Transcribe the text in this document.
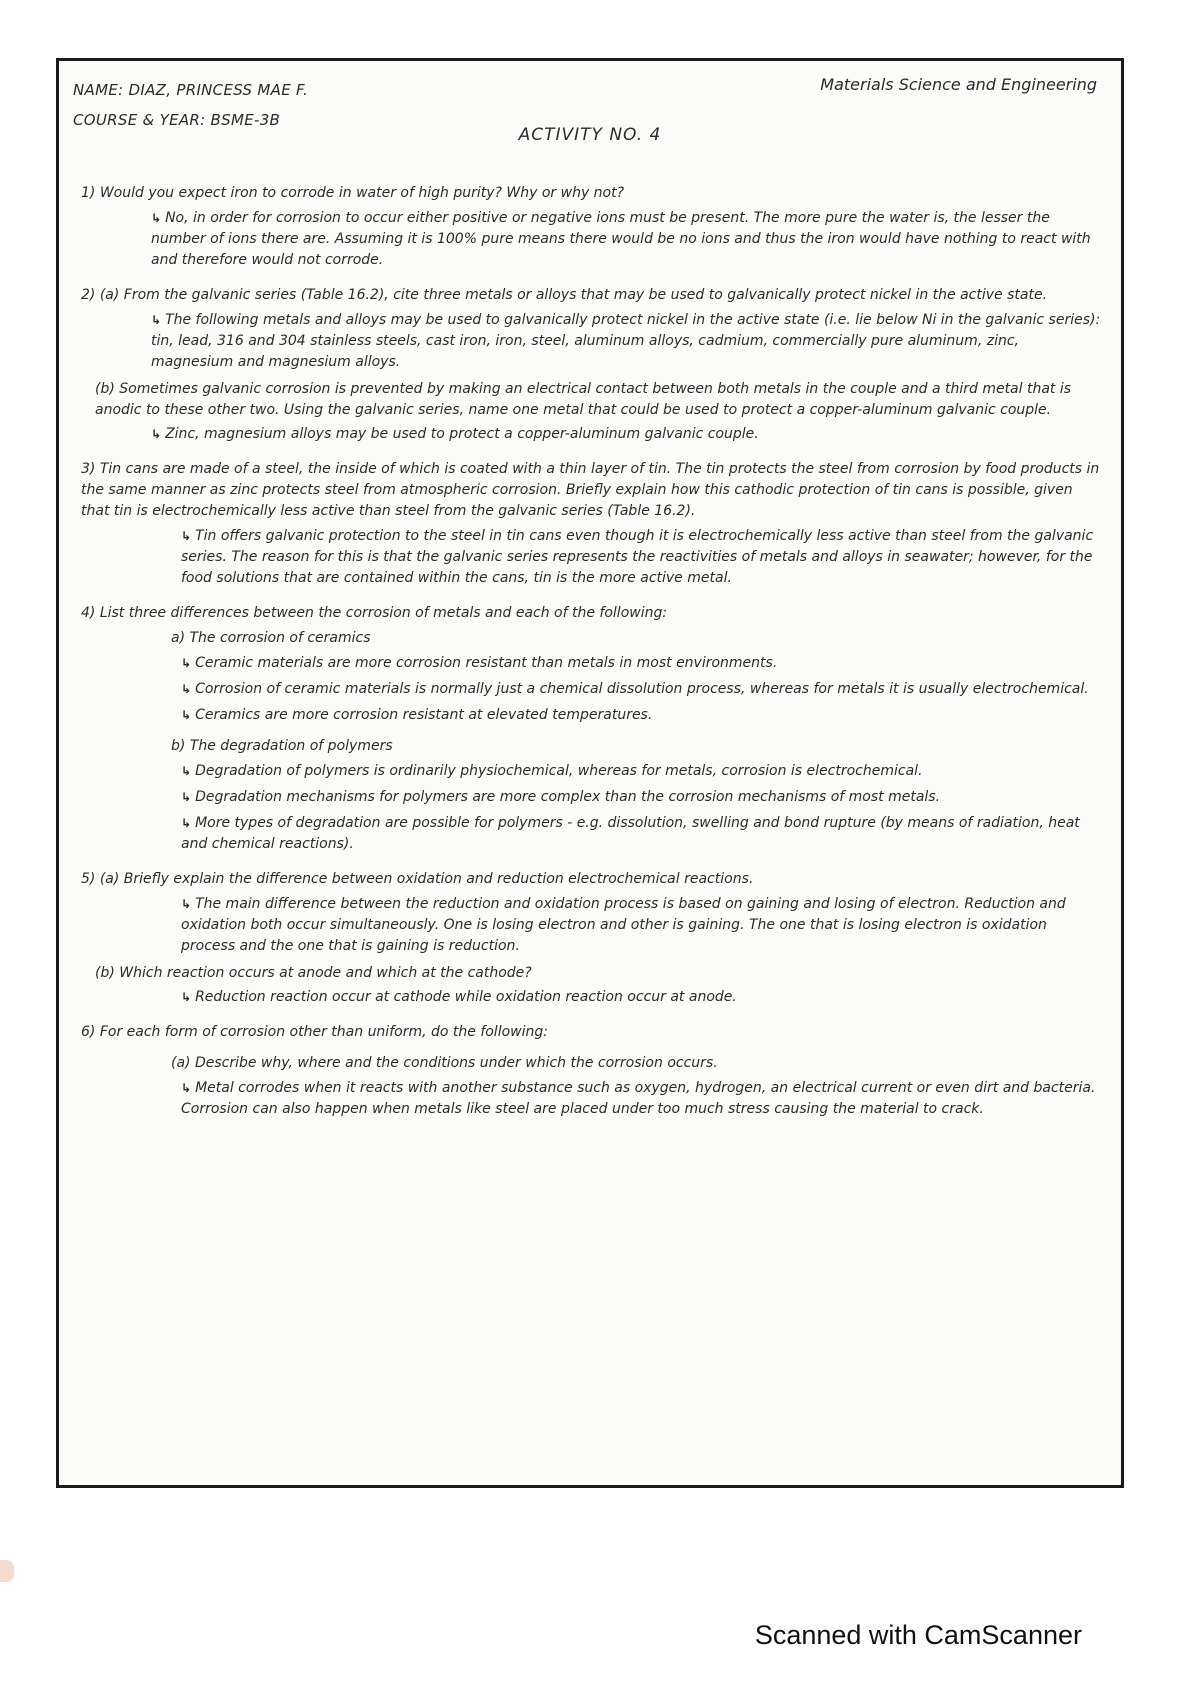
NAME: DIAZ, PRINCESS MAE F.
COURSE & YEAR: BSME-3B
Materials Science and Engineering
ACTIVITY NO. 4
1) Would you expect iron to corrode in water of high purity? Why or why not?
↳ No, in order for corrosion to occur either positive or negative ions must be present. The more pure the water is, the lesser the number of ions there are. Assuming it is 100% pure means there would be no ions and thus the iron would have nothing to react with and therefore would not corrode.
2) (a) From the galvanic series (Table 16.2), cite three metals or alloys that may be used to galvanically protect nickel in the active state.
↳ The following metals and alloys may be used to galvanically protect nickel in the active state (i.e. lie below Ni in the galvanic series): tin, lead, 316 and 304 stainless steels, cast iron, iron, steel, aluminum alloys, cadmium, commercially pure aluminum, zinc, magnesium and magnesium alloys.
(b) Sometimes galvanic corrosion is prevented by making an electrical contact between both metals in the couple and a third metal that is anodic to these other two. Using the galvanic series, name one metal that could be used to protect a copper-aluminum galvanic couple.
↳ Zinc, magnesium alloys may be used to protect a copper-aluminum galvanic couple.
3) Tin cans are made of a steel, the inside of which is coated with a thin layer of tin. The tin protects the steel from corrosion by food products in the same manner as zinc protects steel from atmospheric corrosion. Briefly explain how this cathodic protection of tin cans is possible, given that tin is electrochemically less active than steel from the galvanic series (Table 16.2).
↳ Tin offers galvanic protection to the steel in tin cans even though it is electrochemically less active than steel from the galvanic series. The reason for this is that the galvanic series represents the reactivities of metals and alloys in seawater; however, for the food solutions that are contained within the cans, tin is the more active metal.
4) List three differences between the corrosion of metals and each of the following:
a) The corrosion of ceramics
↳ Ceramic materials are more corrosion resistant than metals in most environments.
↳ Corrosion of ceramic materials is normally just a chemical dissolution process, whereas for metals it is usually electrochemical.
↳ Ceramics are more corrosion resistant at elevated temperatures.
b) The degradation of polymers
↳ Degradation of polymers is ordinarily physiochemical, whereas for metals, corrosion is electrochemical.
↳ Degradation mechanisms for polymers are more complex than the corrosion mechanisms of most metals.
↳ More types of degradation are possible for polymers - e.g. dissolution, swelling and bond rupture (by means of radiation, heat and chemical reactions).
5) (a) Briefly explain the difference between oxidation and reduction electrochemical reactions.
↳ The main difference between the reduction and oxidation process is based on gaining and losing of electron. Reduction and oxidation both occur simultaneously. One is losing electron and other is gaining. The one that is losing electron is oxidation process and the one that is gaining is reduction.
(b) Which reaction occurs at anode and which at the cathode?
↳ Reduction reaction occur at cathode while oxidation reaction occur at anode.
6) For each form of corrosion other than uniform, do the following:
(a) Describe why, where and the conditions under which the corrosion occurs.
↳ Metal corrodes when it reacts with another substance such as oxygen, hydrogen, an electrical current or even dirt and bacteria. Corrosion can also happen when metals like steel are placed under too much stress causing the material to crack.
Scanned with CamScanner
